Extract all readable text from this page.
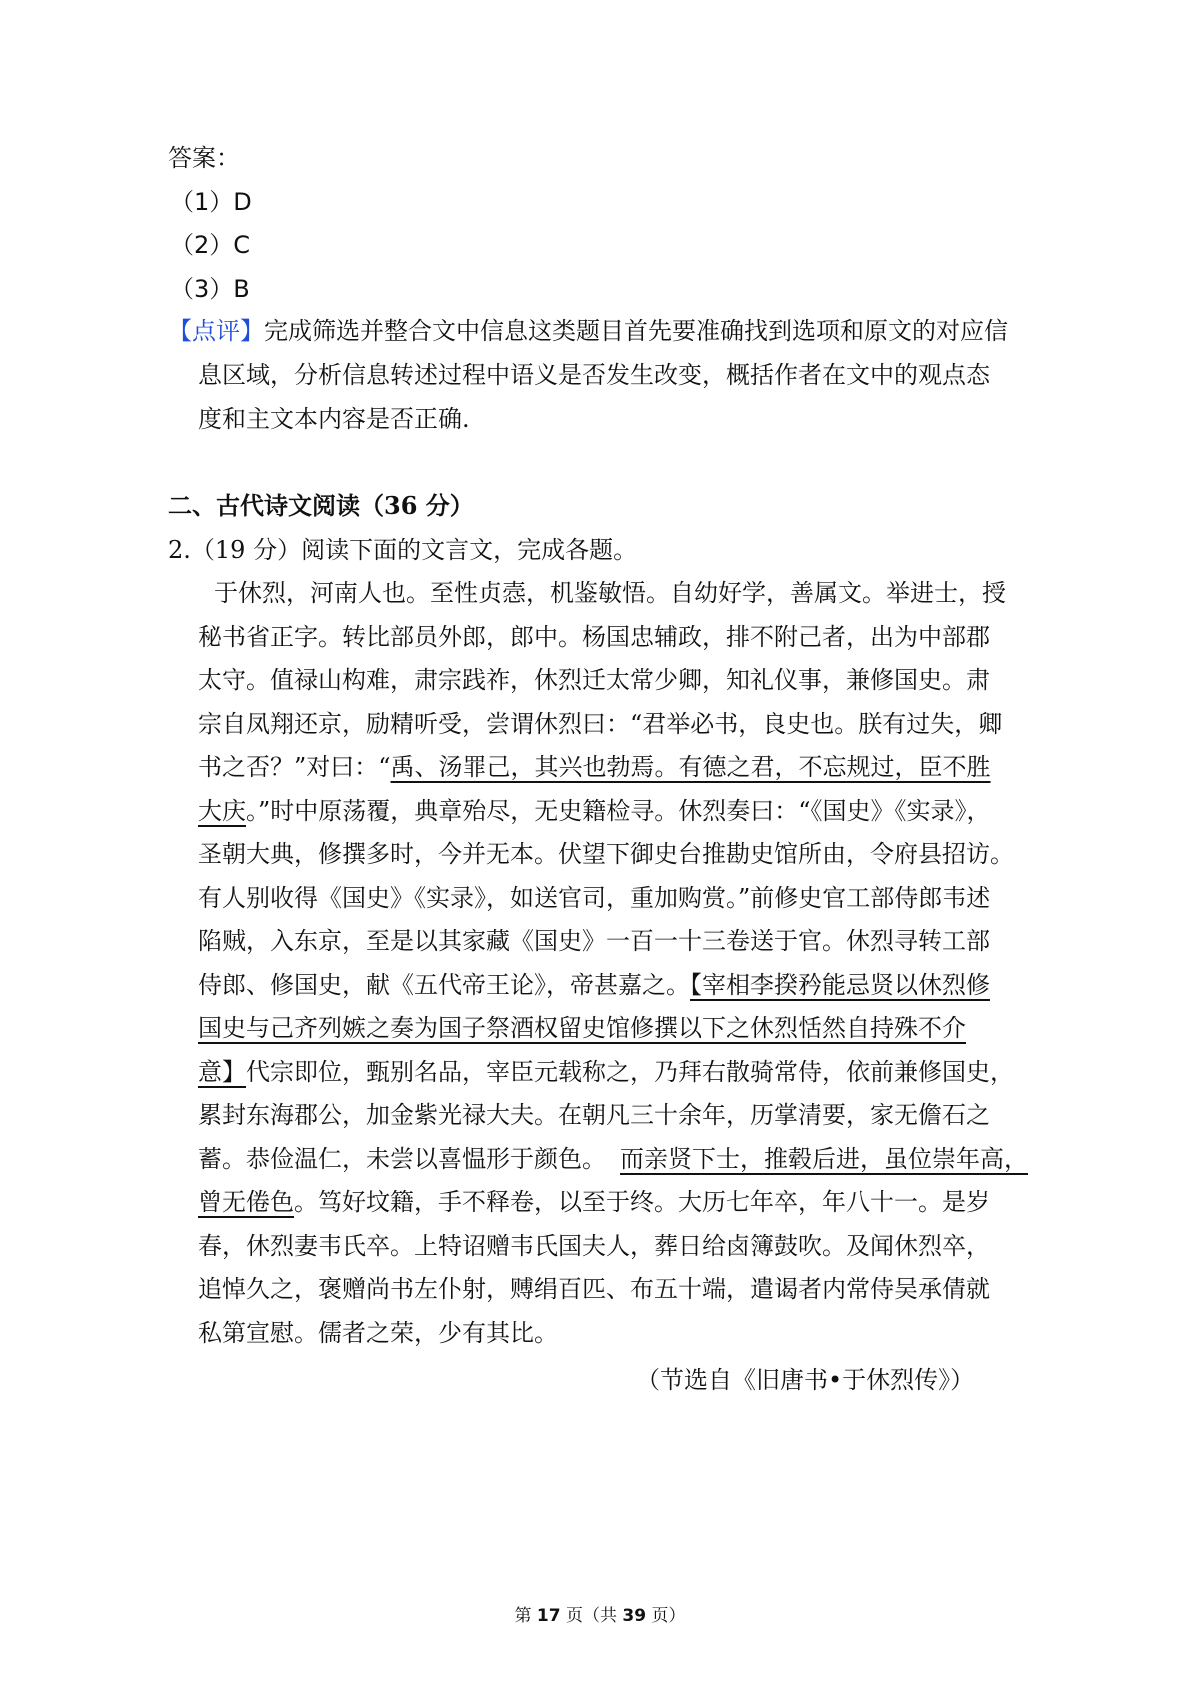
答案：
（1）D
（2）C
（3）B
【点评】完成筛选并整合文中信息这类题目首先要准确找到选项和原文的对应信
息区域，分析信息转述过程中语义是否发生改变，概括作者在文中的观点态
度和主文本内容是否正确.
二、古代诗文阅读（36 分）
2.（19 分）阅读下面的文言文，完成各题。
于休烈，河南人也。至性贞悫，机鉴敏悟。自幼好学，善属文。举进士，授
秘书省正字。转比部员外郎，郎中。杨国忠辅政，排不附己者，出为中部郡
太守。值禄山构难，肃宗践祚，休烈迁太常少卿，知礼仪事，兼修国史。肃
宗自凤翔还京，励精听受，尝谓休烈曰：“君举必书，良史也。朕有过失，卿
书之否？”对曰：“禹、汤罪己，其兴也勃焉。有德之君，不忘规过，臣不胜
大庆。”时中原荡覆，典章殆尽，无史籍检寻。休烈奏曰：“《国史》《实录》，
圣朝大典，修撰多时，今并无本。伏望下御史台推勘史馆所由，令府县招访。
有人别收得《国史》《实录》，如送官司，重加购赏。”前修史官工部侍郎韦述
陷贼，入东京，至是以其家藏《国史》一百一十三卷送于官。休烈寻转工部
侍郎、修国史，献《五代帝王论》，帝甚嘉之。【宰相李揆矜能忌贤以休烈修
国史与己齐列嫉之奏为国子祭酒权留史馆修撰以下之休烈恬然自持殊不介
意】代宗即位，甄别名品，宰臣元载称之，乃拜右散骑常侍，依前兼修国史，
累封东海郡公，加金紫光禄大夫。在朝凡三十余年，历掌清要，家无儋石之
蓄。恭俭温仁，未尝以喜愠形于颜色。 而亲贤下士，推毂后进，虽位崇年高，
曾无倦色。笃好坟籍，手不释卷，以至于终。大历七年卒，年八十一。是岁
春，休烈妻韦氏卒。上特诏赠韦氏国夫人，葬日给卤簿鼓吹。及闻休烈卒，
追悼久之，褒赠尚书左仆射，赙绢百匹、布五十端，遣谒者内常侍吴承倩就
私第宣慰。儒者之荣，少有其比。
（节选自《旧唐书•于休烈传》）
第 17 页（共 39 页）
